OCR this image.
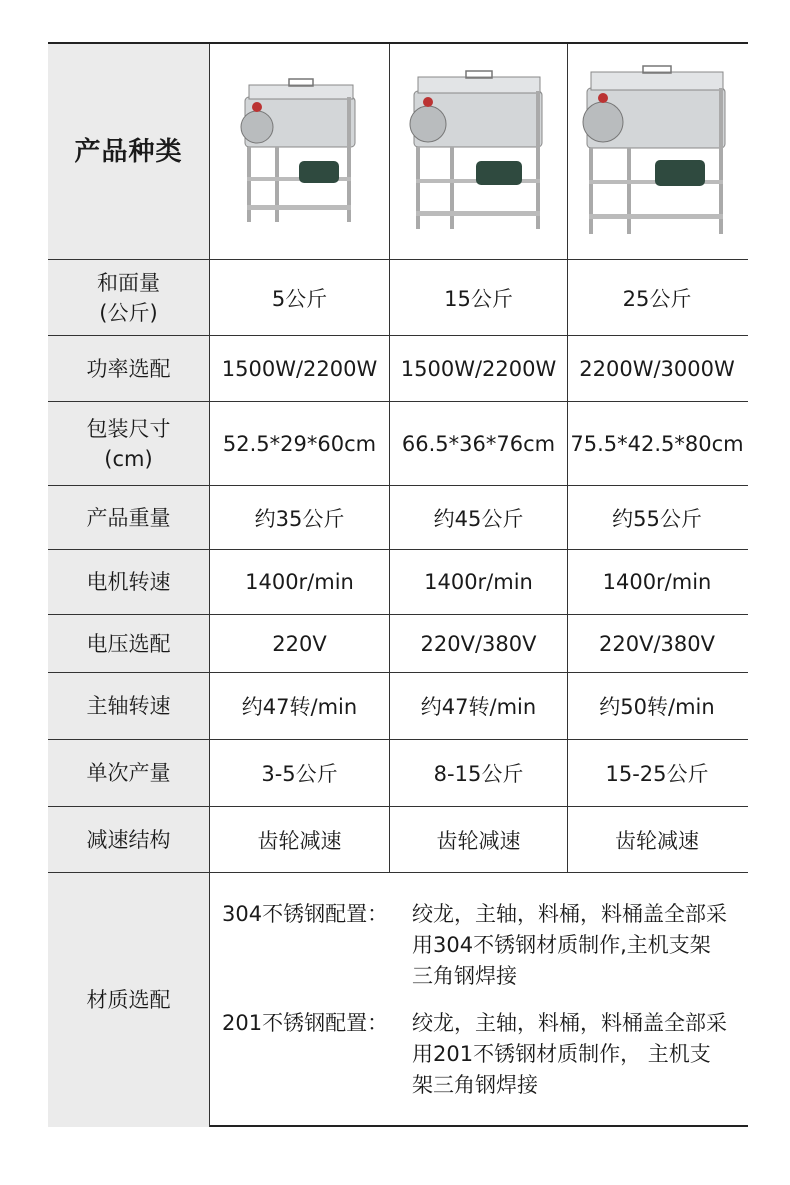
产品种类
和面量
(公斤)
5公斤	15公斤	25公斤
功率选配	1500W/2200W	1500W/2200W	2200W/3000W
包装尺寸
(cm)
52.5*29*60cm	66.5*36*76cm 75.5*42.5*80cm
产品重量	约35公斤	约45公斤	约55公斤
电机转速	1400r/min	1400r/min	1400r/min
电压选配	220V	220V/380V	220V/380V
主轴转速	约47转/min	约47转/min	约50转/min
单次产量	3-5公斤	8-15公斤	15-25公斤
减速结构	齿轮减速	齿轮减速	齿轮减速
材质选配
304不锈钢配置：	绞龙，主轴，料桶，料桶盖全部采
用304不锈钢材质制作,主机支架
三角钢焊接
201不锈钢配置：	绞龙，主轴，料桶，料桶盖全部采
用201不锈钢材质制作， 主机支
架三角钢焊接
